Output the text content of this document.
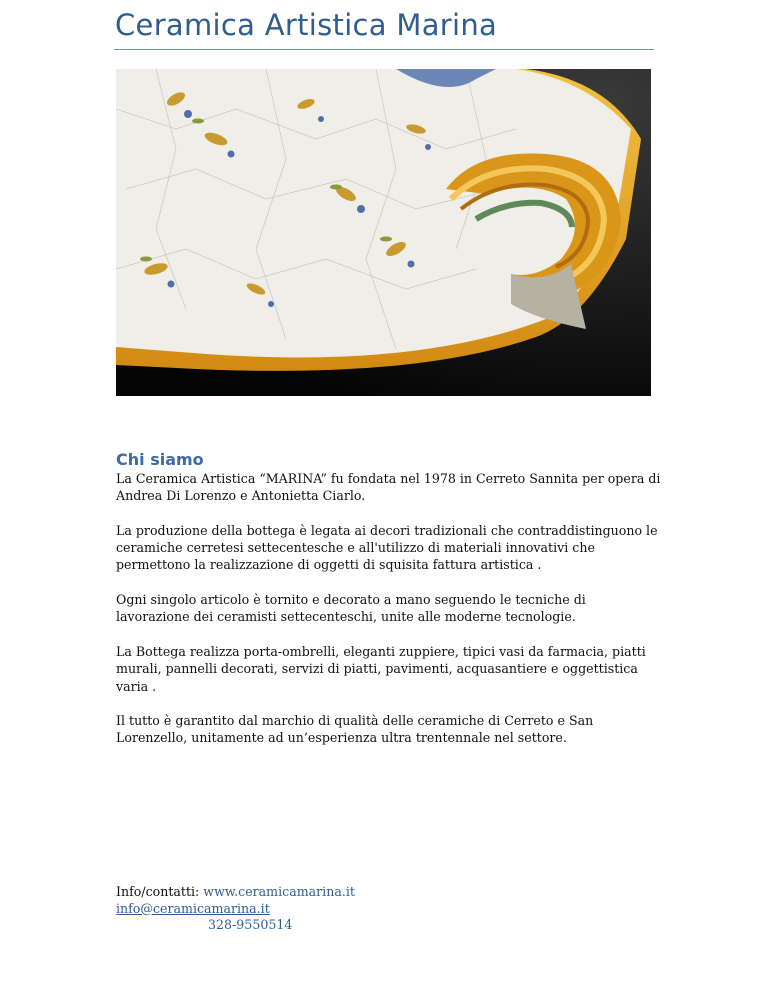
Ceramica Artistica Marina
Chi siamo

La Ceramica Artistica “MARINA” fu fondata nel 1978 in Cerreto Sannita per opera di Andrea Di Lorenzo e Antonietta Ciarlo.

La produzione della bottega è legata ai decori tradizionali che contraddistinguono le ceramiche cerretesi settecentesche e all'utilizzo di materiali innovativi che permettono la realizzazione di oggetti di squisita fattura artistica .

Ogni singolo articolo è tornito e decorato a mano seguendo le tecniche di lavorazione dei ceramisti settecenteschi, unite alle moderne tecnologie.

La Bottega realizza porta-ombrelli, eleganti zuppiere, tipici vasi da farmacia, piatti murali, pannelli decorati, servizi di piatti, pavimenti, acquasantiere e oggettistica varia .

Il tutto è garantito dal marchio di qualità delle ceramiche di Cerreto e San Lorenzello, unitamente ad un’esperienza ultra trentennale nel settore.

Info/contatti: www.ceramicamarina.it
info@ceramicamarina.it
328-9550514
